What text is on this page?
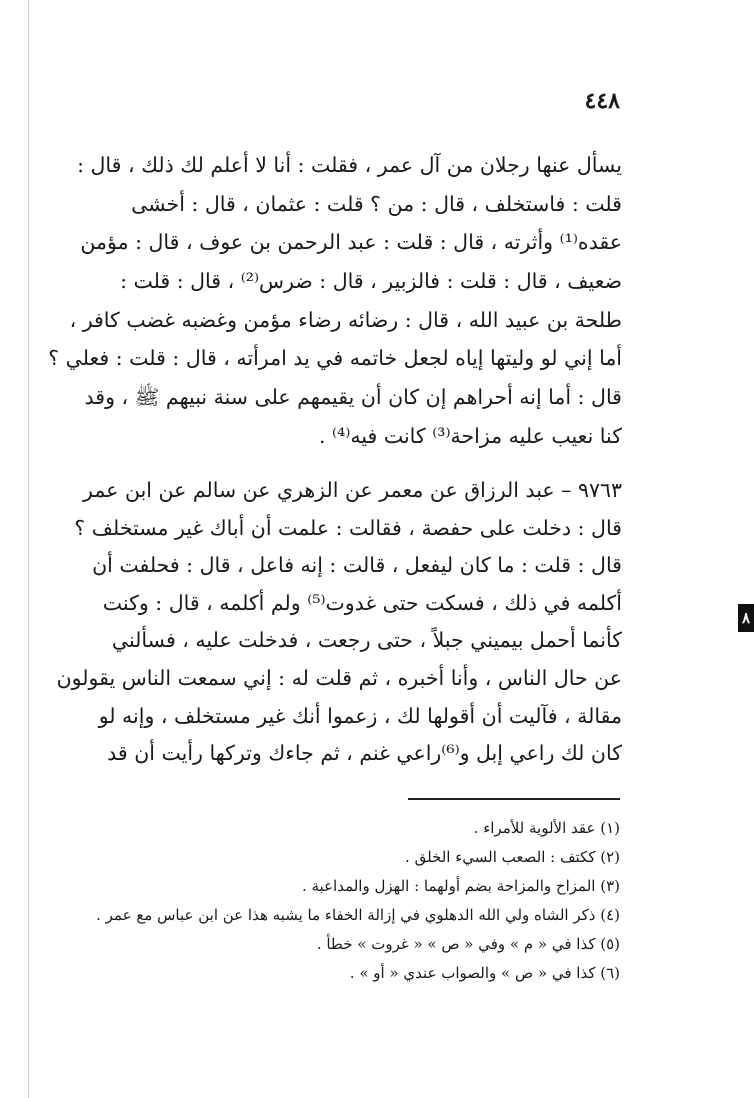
٤٤٨
يسأل عنها رجلان من آل عمر ، فقلت : أنا لا أعلم لك ذلك ، قال :
قلت : فاستخلف ، قال : من ؟ قلت : عثمان ، قال : أخشى
عقده⁽¹⁾ وأثرته ، قال : قلت : عبد الرحمن بن عوف ، قال : مؤمن
ضعيف ، قال : قلت : فالزبير ، قال : ضرس⁽²⁾ ، قال : قلت :
طلحة بن عبيد الله ، قال : رضائه رضاء مؤمن وغضبه غضب كافر ،
أما إني لو وليتها إياه لجعل خاتمه في يد امرأته ، قال : قلت : فعلي ؟
قال : أما إنه أحراهم إن كان أن يقيمهم على سنة نبيهم ﷺ ، وقد
كنا نعيب عليه مزاحة⁽³⁾ كانت فيه⁽⁴⁾ .
٩٧٦٣ – عبد الرزاق عن معمر عن الزهري عن سالم عن ابن عمر
قال : دخلت على حفصة ، فقالت : علمت أن أباك غير مستخلف ؟
قال : قلت : ما كان ليفعل ، قالت : إنه فاعل ، قال : فحلفت أن
أكلمه في ذلك ، فسكت حتى غدوت⁽⁵⁾ ولم أكلمه ، قال : وكنت
كأنما أحمل بيميني جبلاً ، حتى رجعت ، فدخلت عليه ، فسألني
عن حال الناس ، وأنا أخبره ، ثم قلت له : إني سمعت الناس يقولون
مقالة ، فآليت أن أقولها لك ، زعموا أنك غير مستخلف ، وإنه لو
كان لك راعي إبل و⁽⁶⁾راعي غنم ، ثم جاءك وتركها رأيت أن قد
(١) عقد الألوية للأمراء .
(٢) ككتف : الصعب السيء الخلق .
(٣) المزاح والمزاحة بضم أولهما : الهزل والمداعبة .
(٤) ذكر الشاه ولي الله الدهلوي في إزالة الخفاء ما يشبه هذا عن ابن عباس مع عمر .
(٥) كذا في « م » وفي « ص » « غروت » خطأ .
(٦) كذا في « ص » والصواب عندي « أو » .
٨
